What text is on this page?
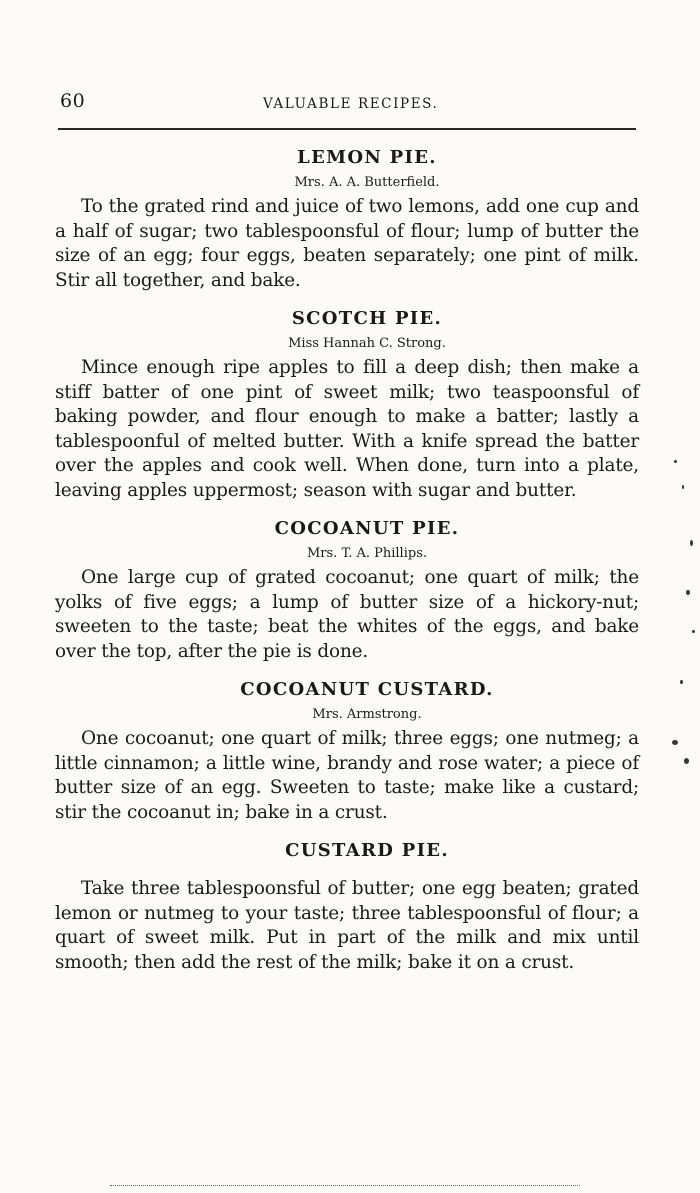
60	VALUABLE RECIPES.
LEMON PIE.
Mrs. A. A. Butterfield.

To the grated rind and juice of two lemons, add one cup and a half of sugar; two tablespoonsful of flour; lump of butter the size of an egg; four eggs, beaten separately; one pint of milk. Stir all together, and bake.

SCOTCH PIE.
Miss Hannah C. Strong.

Mince enough ripe apples to fill a deep dish; then make a stiff batter of one pint of sweet milk; two teaspoonsful of baking powder, and flour enough to make a batter; lastly a tablespoonful of melted butter. With a knife spread the batter over the apples and cook well. When done, turn into a plate, leaving apples uppermost; season with sugar and butter.

COCOANUT PIE.
Mrs. T. A. Phillips.

One large cup of grated cocoanut; one quart of milk; the yolks of five eggs; a lump of butter size of a hickory-nut; sweeten to the taste; beat the whites of the eggs, and bake over the top, after the pie is done.

COCOANUT CUSTARD.
Mrs. Armstrong.

One cocoanut; one quart of milk; three eggs; one nutmeg; a little cinnamon; a little wine, brandy and rose water; a piece of butter size of an egg. Sweeten to taste; make like a custard; stir the cocoanut in; bake in a crust.

CUSTARD PIE.

Take three tablespoonsful of butter; one egg beaten; grated lemon or nutmeg to your taste; three tablespoonsful of flour; a quart of sweet milk. Put in part of the milk and mix until smooth; then add the rest of the milk; bake it on a crust.
